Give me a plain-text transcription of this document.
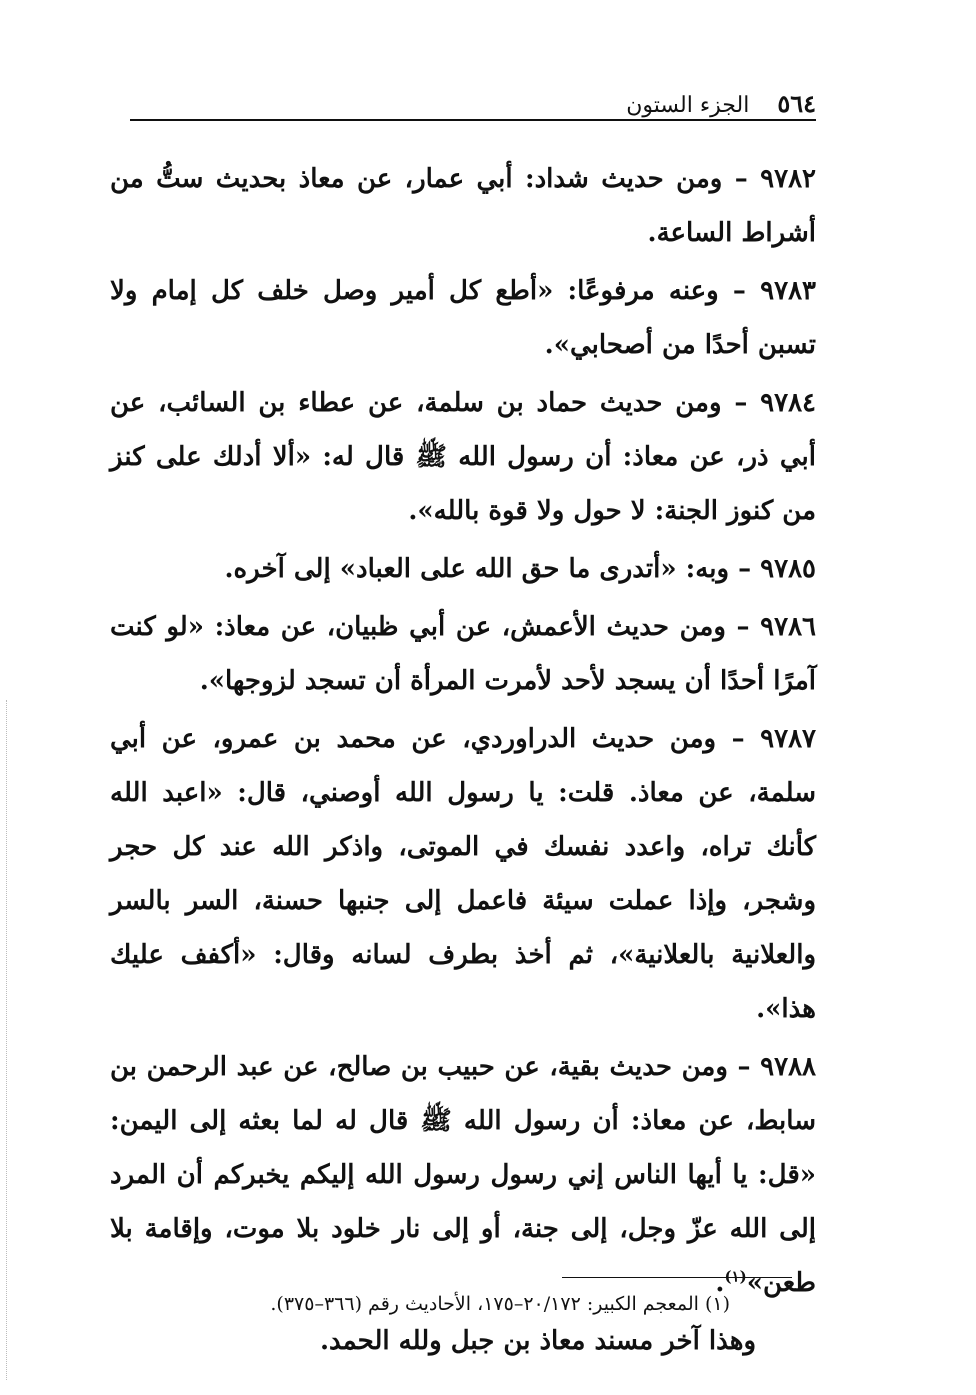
٥٦٤
الجزء الستون

٩٧٨٢ – ومن حديث شداد: أبي عمار، عن معاذ بحديث ستُّ من أشراط الساعة.

٩٧٨٣ – وعنه مرفوعًا: «أطع كل أمير وصل خلف كل إمام ولا تسبن أحدًا من أصحابي».

٩٧٨٤ – ومن حديث حماد بن سلمة، عن عطاء بن السائب، عن أبي ذر، عن معاذ: أن رسول الله ﷺ قال له: «ألا أدلك على كنز من كنوز الجنة: لا حول ولا قوة بالله».

٩٧٨٥ – وبه: «أتدرى ما حق الله على العباد» إلى آخره.

٩٧٨٦ – ومن حديث الأعمش، عن أبي ظبيان، عن معاذ: «لو كنت آمرًا أحدًا أن يسجد لأحد لأمرت المرأة أن تسجد لزوجها».

٩٧٨٧ – ومن حديث الدراوردي، عن محمد بن عمرو، عن أبي سلمة، عن معاذ. قلت: يا رسول الله أوصني، قال: «اعبد الله كأنك تراه، واعدد نفسك في الموتى، واذكر الله عند كل حجر وشجر، وإذا عملت سيئة فاعمل إلى جنبها حسنة، السر بالسر والعلانية بالعلانية»، ثم أخذ بطرف لسانه وقال: «أكفف عليك هذا».

٩٧٨٨ – ومن حديث بقية، عن حبيب بن صالح، عن عبد الرحمن بن سابط، عن معاذ: أن رسول الله ﷺ قال له لما بعثه إلى اليمن: «قل: يا أيها الناس إني رسول رسول الله إليكم يخبركم أن المرد إلى الله عزّ وجل، إلى جنة، أو إلى نار خلود بلا موت، وإقامة بلا طعن»$^{(١)}$.

وهذا آخر مسند معاذ بن جبل ولله الحمد.

(١) المعجم الكبير: ٢٠/١٧٢–١٧٥، الأحاديث رقم (٣٦٦–٣٧٥).
